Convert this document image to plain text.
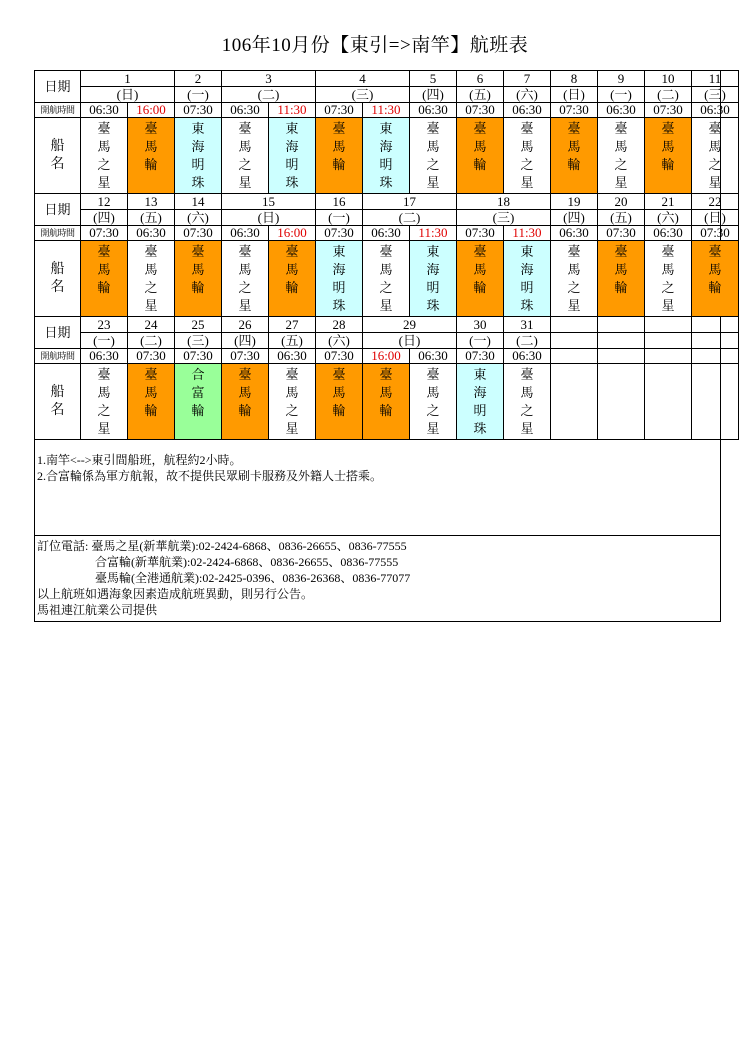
106年10月份【東引=>南竿】航班表
日期	1		2	3		4		5	6	7	8	9	10	11
	(日)		(一)	(二)		(三)		(四)	(五)	(六)	(日)	(一)	(二)	(三)
開航時間	06:30	16:00	07:30	06:30	11:30	07:30	11:30	06:30	07:30	06:30	07:30	06:30	07:30	06:30
船名	臺馬之星	臺馬輪	東海明珠	臺馬之星	東海明珠	臺馬輪	東海明珠	臺馬之星	臺馬輪	臺馬之星	臺馬輪	臺馬之星	臺馬輪	臺馬之星

日期	12	13	14	15		16	17		18		19	20	21	22
	(四)	(五)	(六)	(日)		(一)	(二)		(三)		(四)	(五)	(六)	(日)
開航時間	07:30	06:30	07:30	06:30	16:00	07:30	06:30	11:30	07:30	11:30	06:30	07:30	06:30	07:30
船名	臺馬輪	臺馬之星	臺馬輪	臺馬之星	臺馬輪	東海明珠	臺馬之星	東海明珠	臺馬輪	東海明珠	臺馬之星	臺馬輪	臺馬之星	臺馬輪

日期	23	24	25	26	27	28	29		30	31				
	(一)	(二)	(三)	(四)	(五)	(六)	(日)		(一)	(二)				
開航時間	06:30	07:30	07:30	07:30	06:30	07:30	16:00	06:30	07:30	06:30				
船名	臺馬之星	臺馬輪	合富輪	臺馬輪	臺馬之星	臺馬輪	臺馬輪	臺馬之星	東海明珠	臺馬之星				

1.南竿<-->東引間船班，航程約2小時。
2.合富輪係為軍方航報，故不提供民眾刷卡服務及外籍人士搭乘。
訂位電話: 臺馬之星(新華航業):02-2424-6868、0836-26655、0836-77555
合富輪(新華航業):02-2424-6868、0836-26655、0836-77555
臺馬輪(全港通航業):02-2425-0396、0836-26368、0836-77077
以上航班如遇海象因素造成航班異動，則另行公告。
馬祖連江航業公司提供
